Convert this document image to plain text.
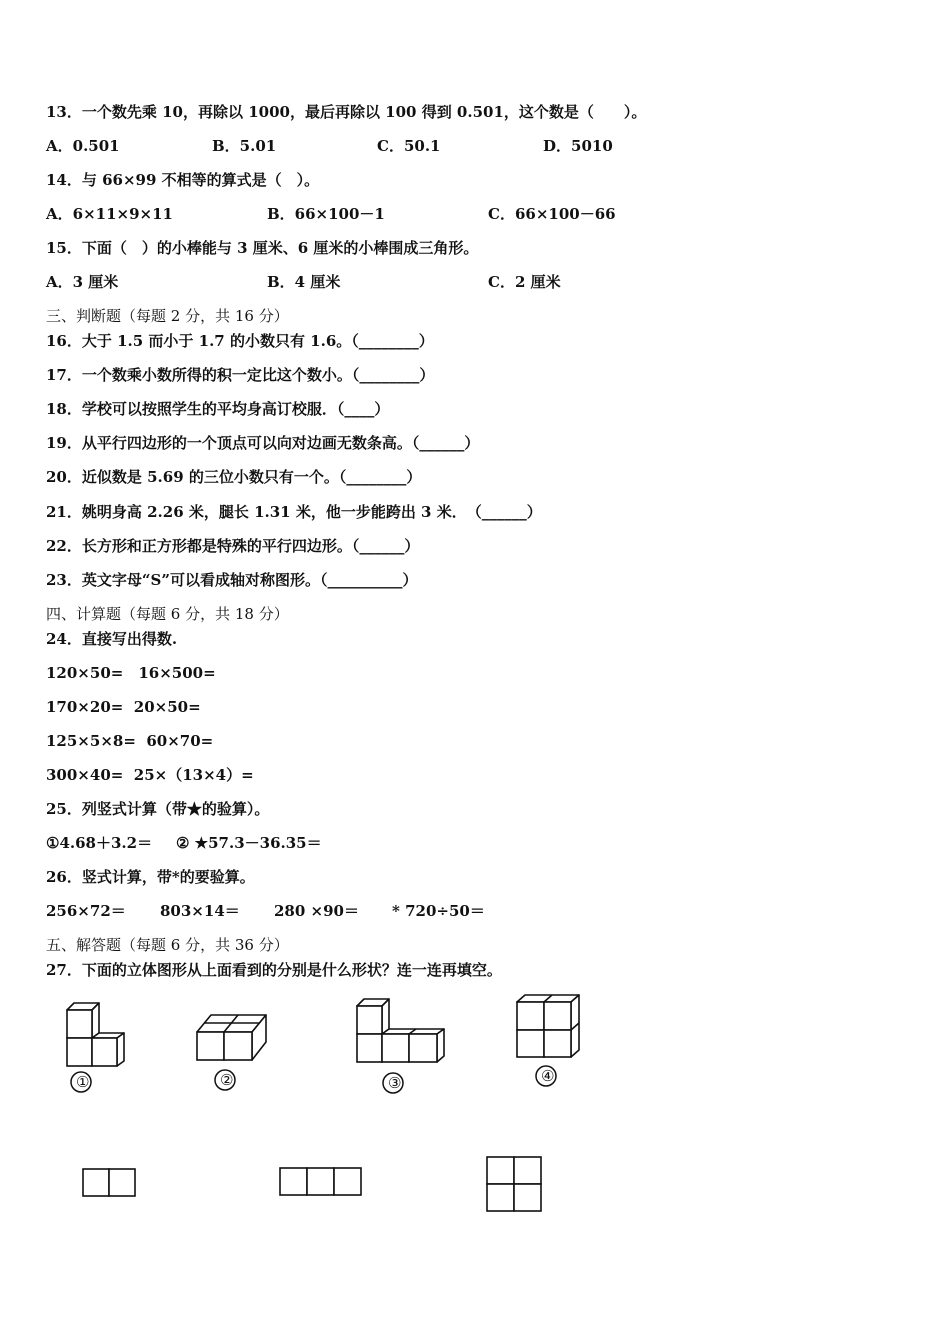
13．一个数先乘 10，再除以 1000，最后再除以 100 得到 0.501，这个数是（　　）。
A．0.501	B．5.01	C．50.1	D．5010
14．与 66×99 不相等的算式是（　）。
A．6×11×9×11	B．66×100－1	C．66×100－66
15．下面（　）的小棒能与 3 厘米、6 厘米的小棒围成三角形。
A．3 厘米	B．4 厘米	C．2 厘米
三、判断题（每题 2 分，共 16 分）
16．大于 1.5 而小于 1.7 的小数只有 1.6。（________）
17．一个数乘小数所得的积一定比这个数小。（________）
18．学校可以按照学生的平均身高订校服．（____）
19．从平行四边形的一个顶点可以向对边画无数条高。（______）
20．近似数是 5.69 的三位小数只有一个。（________）
21．姚明身高 2.26 米，腿长 1.31 米，他一步能跨出 3 米．　（______）
22．长方形和正方形都是特殊的平行四边形。（______）
23．英文字母“S”可以看成轴对称图形。（__________）
四、计算题（每题 6 分，共 18 分）
24．直接写出得数.
120×50=　16×500=
170×20=  20×50=
125×5×8=  60×70=
300×40=  25×（13×4）=
25．列竖式计算（带★的验算）。
①4.68＋3.2＝ ② ★57.3－36.35＝
26．竖式计算，带*的要验算。
256×72＝ 803×14＝ 280 ×90＝ * 720÷50＝
五、解答题（每题 6 分，共 36 分）
27．下面的立体图形从上面看到的分别是什么形状？连一连再填空。
①	②	③	④
